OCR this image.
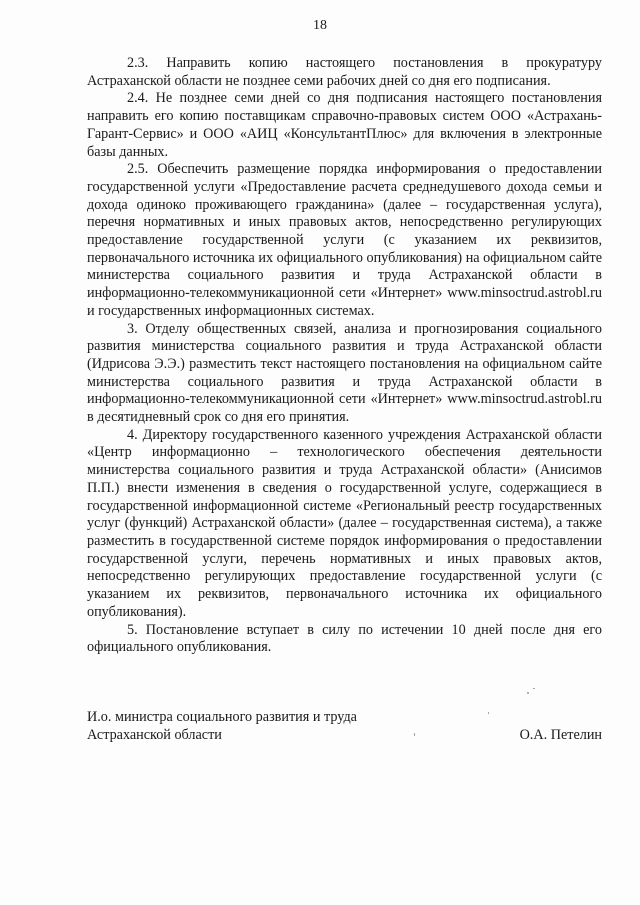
18

2.3. Направить копию настоящего постановления в прокуратуру Астраханской области не позднее семи рабочих дней со дня его подписания.

2.4. Не позднее семи дней со дня подписания настоящего постановления направить его копию поставщикам справочно-правовых систем ООО «Астрахань-Гарант-Сервис» и ООО «АИЦ «КонсультантПлюс» для включения в электронные базы данных.

2.5. Обеспечить размещение порядка информирования о предоставлении государственной услуги «Предоставление расчета среднедушевого дохода семьи и дохода одиноко проживающего гражданина» (далее – государственная услуга), перечня нормативных и иных правовых актов, непосредственно регулирующих предоставление государственной услуги (с указанием их реквизитов, первоначального источника их официального опубликования) на официальном сайте министерства социального развития и труда Астраханской области в информационно-телекоммуникационной сети «Интернет» www.minsoctrud.astrobl.ru и государственных информационных системах.

3. Отделу общественных связей, анализа и прогнозирования социального развития министерства социального развития и труда Астраханской области (Идрисова Э.Э.) разместить текст настоящего постановления на официальном сайте министерства социального развития и труда Астраханской области в информационно-телекоммуникационной сети «Интернет» www.minsoctrud.astrobl.ru в десятидневный срок со дня его принятия.

4. Директору государственного казенного учреждения Астраханской области «Центр информационно – технологического обеспечения деятельности министерства социального развития и труда Астраханской области» (Анисимов П.П.) внести изменения в сведения о государственной услуге, содержащиеся в государственной информационной системе «Региональный реестр государственных услуг (функций) Астраханской области» (далее – государственная система), а также разместить в государственной системе порядок информирования о предоставлении государственной услуги, перечень нормативных и иных правовых актов, непосредственно регулирующих предоставление государственной услуги (с указанием их реквизитов, первоначального источника их официального опубликования).

5. Постановление вступает в силу по истечении 10 дней после дня его официального опубликования.

И.о. министра социального развития и труда
Астраханской области	О.А. Петелин
